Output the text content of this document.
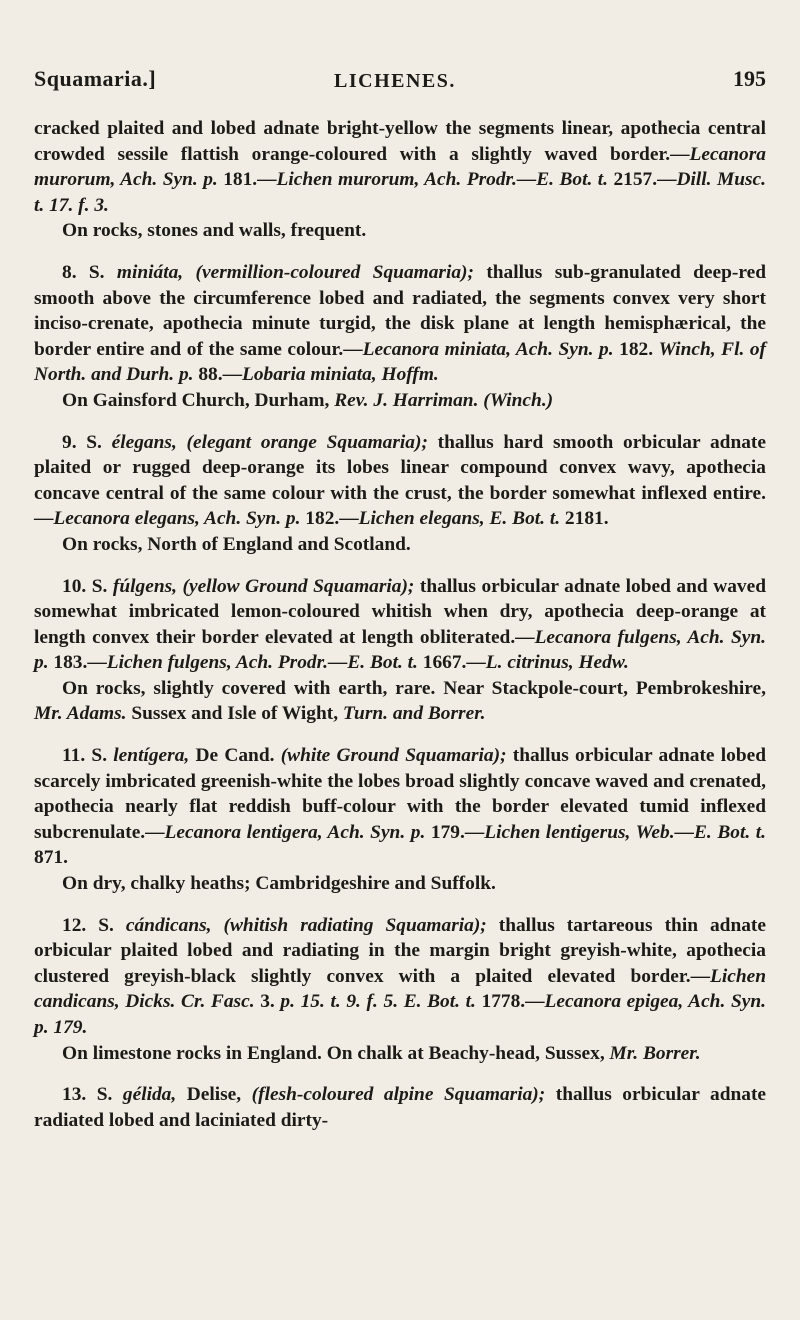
Squamaria.]	LICHENES.	195

cracked plaited and lobed adnate bright-yellow the segments linear, apothecia central crowded sessile flattish orange-coloured with a slightly waved border.—Lecanora murorum, Ach. Syn. p. 181.—Lichen murorum, Ach. Prodr.—E. Bot. t. 2157.—Dill. Musc. t. 17. f. 3.

On rocks, stones and walls, frequent.

8. S. miniáta, (vermillion-coloured Squamaria); thallus sub-granulated deep-red smooth above the circumference lobed and radiated, the segments convex very short inciso-crenate, apothecia minute turgid, the disk plane at length hemisphærical, the border entire and of the same colour.—Lecanora miniata, Ach. Syn. p. 182. Winch, Fl. of North. and Durh. p. 88.—Lobaria miniata, Hoffm.

On Gainsford Church, Durham, Rev. J. Harriman. (Winch.)

9. S. élegans, (elegant orange Squamaria); thallus hard smooth orbicular adnate plaited or rugged deep-orange its lobes linear compound convex wavy, apothecia concave central of the same colour with the crust, the border somewhat inflexed entire.—Lecanora elegans, Ach. Syn. p. 182.—Lichen elegans, E. Bot. t. 2181.

On rocks, North of England and Scotland.

10. S. fúlgens, (yellow Ground Squamaria); thallus orbicular adnate lobed and waved somewhat imbricated lemon-coloured whitish when dry, apothecia deep-orange at length convex their border elevated at length obliterated.—Lecanora fulgens, Ach. Syn. p. 183.—Lichen fulgens, Ach. Prodr.—E. Bot. t. 1667.—L. citrinus, Hedw.

On rocks, slightly covered with earth, rare. Near Stackpole-court, Pembrokeshire, Mr. Adams. Sussex and Isle of Wight, Turn. and Borrer.

11. S. lentígera, De Cand. (white Ground Squamaria); thallus orbicular adnate lobed scarcely imbricated greenish-white the lobes broad slightly concave waved and crenated, apothecia nearly flat reddish buff-colour with the border elevated tumid inflexed subcrenulate.—Lecanora lentigera, Ach. Syn. p. 179.—Lichen lentigerus, Web.—E. Bot. t. 871.

On dry, chalky heaths; Cambridgeshire and Suffolk.

12. S. cándicans, (whitish radiating Squamaria); thallus tartareous thin adnate orbicular plaited lobed and radiating in the margin bright greyish-white, apothecia clustered greyish-black slightly convex with a plaited elevated border.—Lichen candicans, Dicks. Cr. Fasc. 3. p. 15. t. 9. f. 5. E. Bot. t. 1778.—Lecanora epigea, Ach. Syn. p. 179.

On limestone rocks in England. On chalk at Beachy-head, Sussex, Mr. Borrer.

13. S. gélida, Delise, (flesh-coloured alpine Squamaria); thallus orbicular adnate radiated lobed and laciniated dirty-
